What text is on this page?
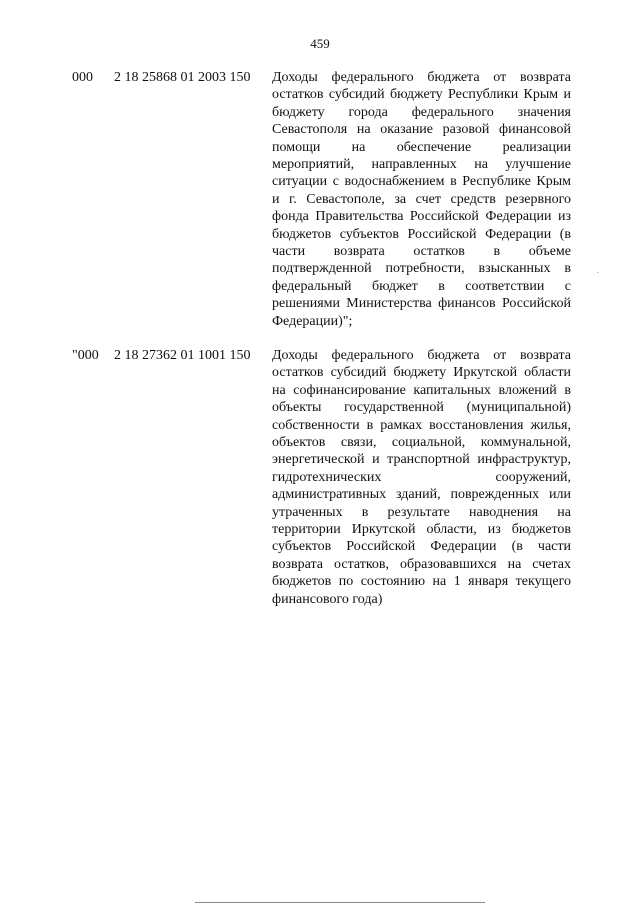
459
000 2 18 25868 01 2003 150 Доходы федерального бюджета от возврата остатков субсидий бюджету Республики Крым и бюджету города федерального значения Севастополя на оказание разовой финансовой помощи на обеспечение реализации мероприятий, направленных на улучшение ситуации с водоснабжением в Республике Крым и г. Севастополе, за счет средств резервного фонда Правительства Российской Федерации из бюджетов субъектов Российской Федерации (в части возврата остатков в объеме подтвержденной потребности, взысканных в федеральный бюджет в соответствии с решениями Министерства финансов Российской Федерации)";
"000 2 18 27362 01 1001 150 Доходы федерального бюджета от возврата остатков субсидий бюджету Иркутской области на софинансирование капитальных вложений в объекты государственной (муниципальной) собственности в рамках восстановления жилья, объектов связи, социальной, коммунальной, энергетической и транспортной инфраструктур, гидротехнических сооружений, административных зданий, поврежденных или утраченных в результате наводнения на территории Иркутской области, из бюджетов субъектов Российской Федерации (в части возврата остатков, образовавшихся на счетах бюджетов по состоянию на 1 января текущего финансового года)
·
